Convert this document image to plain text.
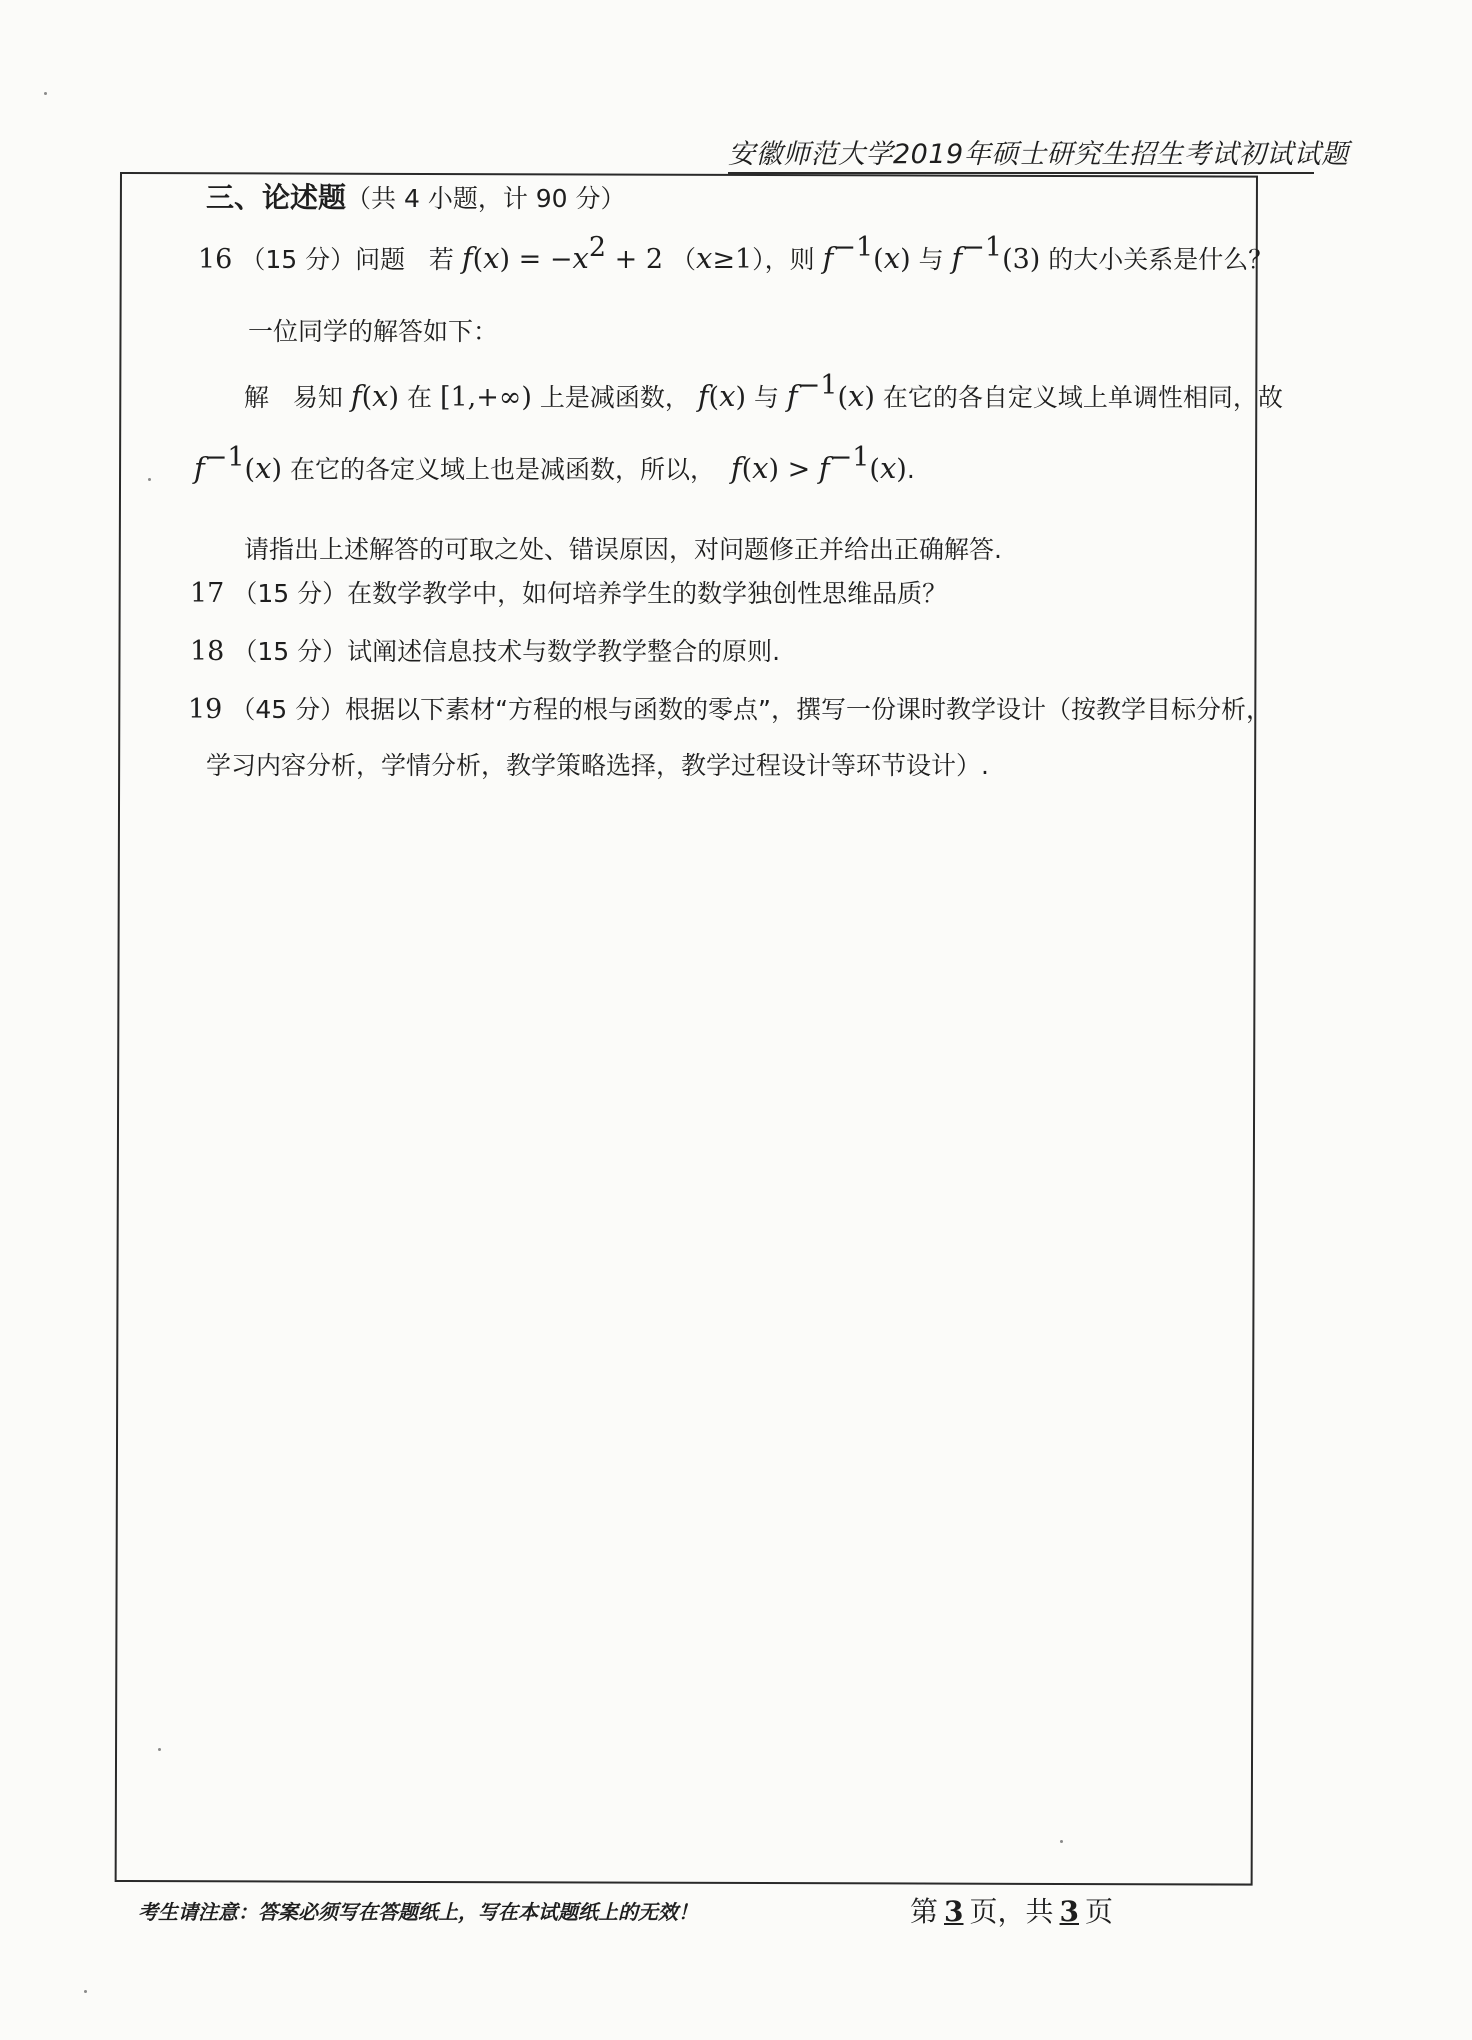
安徽师范大学2019年硕士研究生招生考试初试试题
三、论述题（共 4 小题，计 90 分）
16 （15 分）问题 若 $f(x) = -x^2 + 2$ （x≥1），则 $f^{-1}(x)$ 与 $f^{-1}(3)$ 的大小关系是什么？
一位同学的解答如下：
解 易知 f(x) 在 [1,+∞) 上是减函数， f(x) 与 $f^{-1}(x)$ 在它的各自定义域上单调性相同，故
$f^{-1}(x)$ 在它的各定义域上也是减函数，所以， $f(x) > f^{-1}(x)$.
请指出上述解答的可取之处、错误原因，对问题修正并给出正确解答.
17 （15 分）在数学教学中，如何培养学生的数学独创性思维品质？
18 （15 分）试阐述信息技术与数学教学整合的原则.
19 （45 分）根据以下素材“方程的根与函数的零点”，撰写一份课时教学设计（按教学目标分析，
学习内容分析，学情分析，教学策略选择，教学过程设计等环节设计）.
考生请注意：答案必须写在答题纸上，写在本试题纸上的无效！	第 3 页，共 3 页
